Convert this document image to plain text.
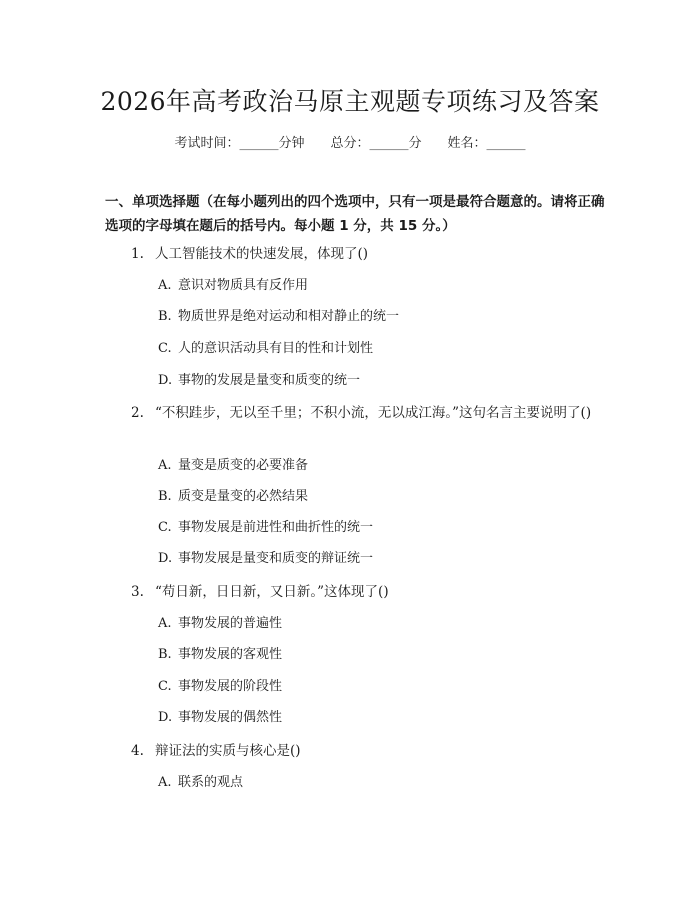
2026年高考政治马原主观题专项练习及答案
考试时间：______分钟 总分：______分 姓名：______
一、单项选择题（在每小题列出的四个选项中，只有一项是最符合题意的。请将正确选项的字母填在题后的括号内。每小题 1 分，共 15 分。）
1. 人工智能技术的快速发展，体现了()
A. 意识对物质具有反作用
B. 物质世界是绝对运动和相对静止的统一
C. 人的意识活动具有目的性和计划性
D. 事物的发展是量变和质变的统一
2. “不积跬步，无以至千里；不积小流，无以成江海。”这句名言主要说明了()
A. 量变是质变的必要准备
B. 质变是量变的必然结果
C. 事物发展是前进性和曲折性的统一
D. 事物发展是量变和质变的辩证统一
3. “苟日新，日日新，又日新。”这体现了()
A. 事物发展的普遍性
B. 事物发展的客观性
C. 事物发展的阶段性
D. 事物发展的偶然性
4. 辩证法的实质与核心是()
A. 联系的观点
